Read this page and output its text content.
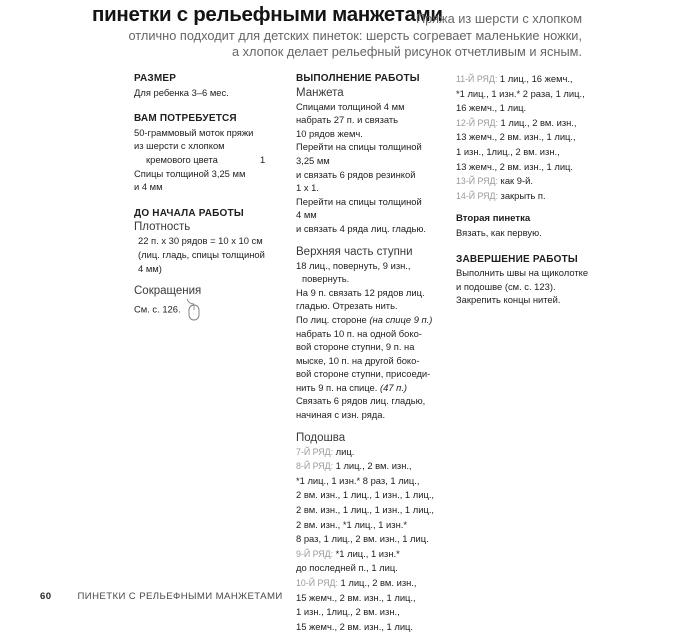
пинетки с рельефными манжетами
Пряжа из шерсти с хлопком
отлично подходит для детских пинеток: шерсть согревает маленькие ножки,
а хлопок делает рельефный рисунок отчетливым и ясным.
РАЗМЕР
Для ребенка 3–6 мес.
ВАМ ПОТРЕБУЕТСЯ
50-граммовый моток пряжи
из шерсти с хлопком
кремового цвета	1
Спицы толщиной 3,25 мм
и 4 мм
ДО НАЧАЛА РАБОТЫ
Плотность
22 п. х 30 рядов = 10 х 10 см
(лиц. гладь, спицы толщиной
4 мм)
Сокращения
См. с. 126.
ВЫПОЛНЕНИЕ РАБОТЫ
Манжета
Спицами толщиной 4 мм
набрать 27 п. и связать
10 рядов жемч.
Перейти на спицы толщиной
3,25 мм
и связать 6 рядов резинкой
1 х 1.
Перейти на спицы толщиной
4 мм
и связать 4 ряда лиц. гладью.
Верхняя часть ступни
18 лиц., повернуть, 9 изн.,
повернуть.
На 9 п. связать 12 рядов лиц.
гладью. Отрезать нить.
По лиц. стороне (на спице 9 п.)
набрать 10 п. на одной боко-
вой стороне ступни, 9 п. на
мыске, 10 п. на другой боко-
вой стороне ступни, присоеди-
нить 9 п. на спице. (47 п.)
Связать 6 рядов лиц. гладью,
начиная с изн. ряда.
Подошва
7-Й РЯД: лиц.
8-Й РЯД: 1 лиц., 2 вм. изн.,
*1 лиц., 1 изн.* 8 раз, 1 лиц.,
2 вм. изн., 1 лиц., 1 изн., 1 лиц.,
2 вм. изн., 1 лиц., 1 изн., 1 лиц.,
2 вм. изн., *1 лиц., 1 изн.*
8 раз, 1 лиц., 2 вм. изн., 1 лиц.
9-Й РЯД: *1 лиц., 1 изн.*
до последней п., 1 лиц.
10-Й РЯД: 1 лиц., 2 вм. изн.,
15 жемч., 2 вм. изн., 1 лиц.,
1 изн., 1лиц., 2 вм. изн.,
15 жемч., 2 вм. изн., 1 лиц.
11-Й РЯД: 1 лиц., 16 жемч.,
*1 лиц., 1 изн.* 2 раза, 1 лиц.,
16 жемч., 1 лиц.
12-Й РЯД: 1 лиц., 2 вм. изн.,
13 жемч., 2 вм. изн., 1 лиц.,
1 изн., 1лиц., 2 вм. изн.,
13 жемч., 2 вм. изн., 1 лиц.
13-Й РЯД: как 9-й.
14-Й РЯД: закрыть п.
Вторая пинетка
Вязать, как первую.
ЗАВЕРШЕНИЕ РАБОТЫ
Выполнить швы на щиколотке
и подошве (см. с. 123).
Закрепить концы нитей.
60	ПИНЕТКИ С РЕЛЬЕФНЫМИ МАНЖЕТАМИ
